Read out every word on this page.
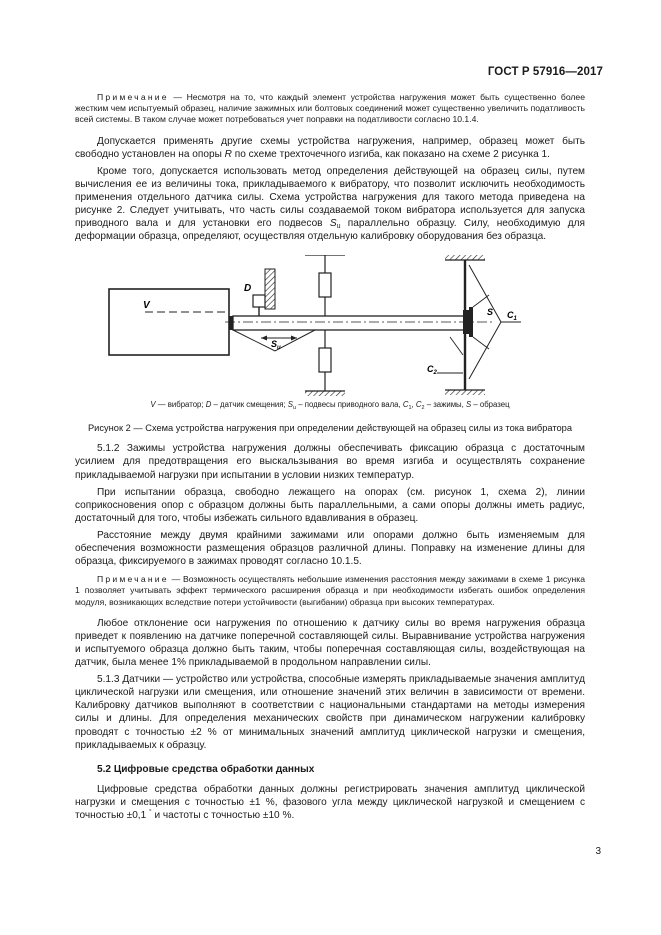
ГОСТ Р 57916—2017

Примечание — Несмотря на то, что каждый элемент устройства нагружения может быть существенно более жестким чем испытуемый образец, наличие зажимных или болтовых соединений может существенно увеличить податливость всей системы. В таком случае может потребоваться учет поправки на податливости согласно 10.1.4.

Допускается применять другие схемы устройства нагружения, например, образец может быть свободно установлен на опоры R по схеме трехточечного изгиба, как показано на схеме 2 рисунка 1.

Кроме того, допускается использовать метод определения действующей на образец силы, путем вычисления ее из величины тока, прикладываемого к вибратору, что позволит исключить необходимость применения отдельного датчика силы. Схема устройства нагружения для такого метода приведена на рисунке 2. Следует учитывать, что часть силы создаваемой током вибратора используется для запуска приводного вала и для установки его подвесов $S_u$ параллельно образцу. Силу, необходимую для деформации образца, определяют, осуществляя отдельную калибровку оборудования без образца.

V
D
$S_u$
S $C_1$
$C_2$

V — вибратор; D – датчик смещения; $S_u$ – подвесы приводного вала, $C_1$, $C_2$ – зажимы, S – образец

Рисунок 2 — Схема устройства нагружения при определении действующей на образец силы из тока вибратора

5.1.2 Зажимы устройства нагружения должны обеспечивать фиксацию образца с достаточным усилием для предотвращения его выскальзывания во время изгиба и осуществлять сохранение прикладываемой нагрузки при испытании в условии низких температур.

При испытании образца, свободно лежащего на опорах (см. рисунок 1, схема 2), линии соприкосновения опор с образцом должны быть параллельными, а сами опоры должны иметь радиус, достаточный для того, чтобы избежать сильного вдавливания в образец.

Расстояние между двумя крайними зажимами или опорами должно быть изменяемым для обеспечения возможности размещения образцов различной длины. Поправку на изменение длины для образца, фиксируемого в зажимах проводят согласно 10.1.5.

Примечание — Возможность осуществлять небольшие изменения расстояния между зажимами в схеме 1 рисунка 1 позволяет учитывать эффект термического расширения образца и при необходимости избегать ошибок определения модуля, возникающих вследствие потери устойчивости (выгибании) образца при высоких температурах.

Любое отклонение оси нагружения по отношению к датчику силы во время нагружения образца приведет к появлению на датчике поперечной составляющей силы. Выравнивание устройства нагружения и испытуемого образца должно быть таким, чтобы поперечная составляющая силы, воздействующая на датчик, была менее 1% прикладываемой в продольном направлении силы.

5.1.3 Датчики — устройство или устройства, способные измерять прикладываемые значения амплитуд циклической нагрузки или смещения, или отношение значений этих величин в зависимости от времени. Калибровку датчиков выполняют в соответствии с национальными стандартами на методы измерения силы и длины. Для определения механических свойств при динамическом нагружении калибровку проводят с точностью ±2 % от минимальных значений амплитуд циклической нагрузки и смещения, прикладываемых к образцу.

5.2 Цифровые средства обработки данных

Цифровые средства обработки данных должны регистрировать значения амплитуд циклической нагрузки и смещения с точностью ±1 %, фазового угла между циклической нагрузкой и смещением с точностью ±0,1 ° и частоты с точностью ±10 %.

3
